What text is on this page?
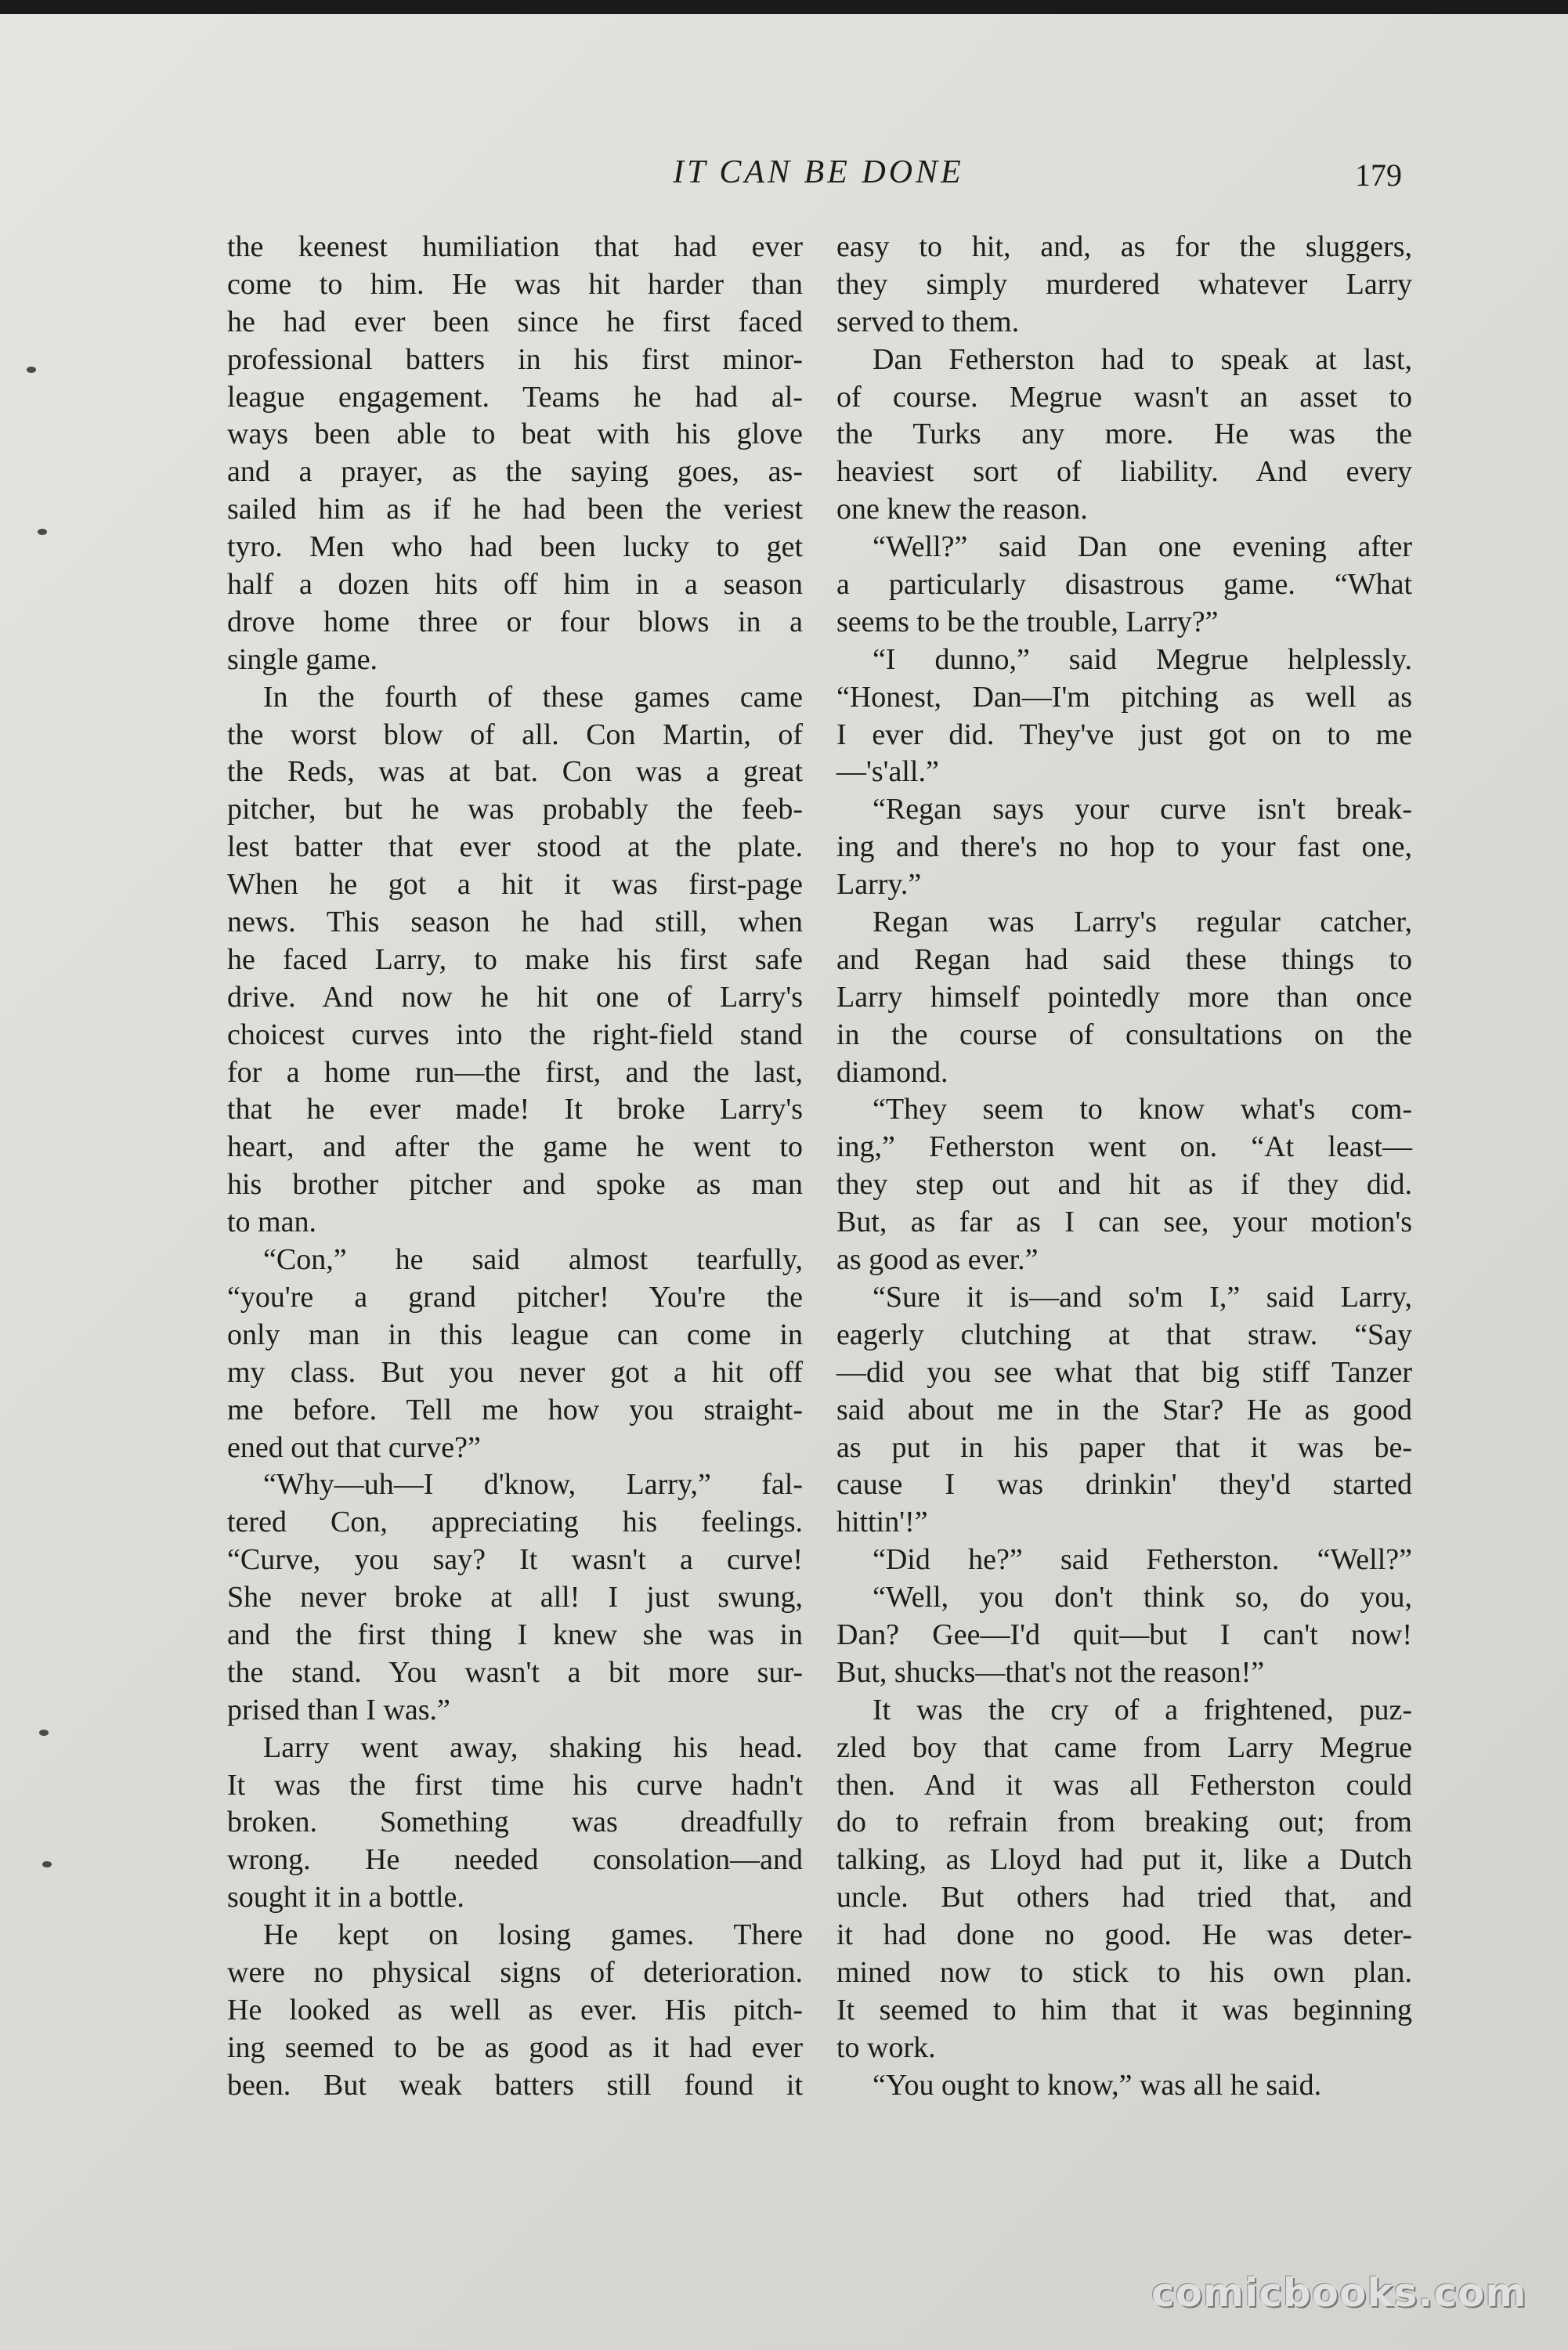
IT CAN BE DONE	179
the keenest humiliation that had ever
come to him. He was hit harder than
he had ever been since he first faced
professional batters in his first minor-
league engagement. Teams he had al-
ways been able to beat with his glove
and a prayer, as the saying goes, as-
sailed him as if he had been the veriest
tyro. Men who had been lucky to get
half a dozen hits off him in a season
drove home three or four blows in a
single game.
In the fourth of these games came
the worst blow of all. Con Martin, of
the Reds, was at bat. Con was a great
pitcher, but he was probably the feeb-
lest batter that ever stood at the plate.
When he got a hit it was first-page
news. This season he had still, when
he faced Larry, to make his first safe
drive. And now he hit one of Larry's
choicest curves into the right-field stand
for a home run—the first, and the last,
that he ever made! It broke Larry's
heart, and after the game he went to
his brother pitcher and spoke as man
to man.
“Con,” he said almost tearfully,
“you're a grand pitcher! You're the
only man in this league can come in
my class. But you never got a hit off
me before. Tell me how you straight-
ened out that curve?”
“Why—uh—I d'know, Larry,” fal-
tered Con, appreciating his feelings.
“Curve, you say? It wasn't a curve!
She never broke at all! I just swung,
and the first thing I knew she was in
the stand. You wasn't a bit more sur-
prised than I was.”
Larry went away, shaking his head.
It was the first time his curve hadn't
broken. Something was dreadfully
wrong. He needed consolation—and
sought it in a bottle.
He kept on losing games. There
were no physical signs of deterioration.
He looked as well as ever. His pitch-
ing seemed to be as good as it had ever
been. But weak batters still found it
easy to hit, and, as for the sluggers,
they simply murdered whatever Larry
served to them.
Dan Fetherston had to speak at last,
of course. Megrue wasn't an asset to
the Turks any more. He was the
heaviest sort of liability. And every
one knew the reason.
“Well?” said Dan one evening after
a particularly disastrous game. “What
seems to be the trouble, Larry?”
“I dunno,” said Megrue helplessly.
“Honest, Dan—I'm pitching as well as
I ever did. They've just got on to me
—'s'all.”
“Regan says your curve isn't break-
ing and there's no hop to your fast one,
Larry.”
Regan was Larry's regular catcher,
and Regan had said these things to
Larry himself pointedly more than once
in the course of consultations on the
diamond.
“They seem to know what's com-
ing,” Fetherston went on. “At least—
they step out and hit as if they did.
But, as far as I can see, your motion's
as good as ever.”
“Sure it is—and so'm I,” said Larry,
eagerly clutching at that straw. “Say
—did you see what that big stiff Tanzer
said about me in the Star? He as good
as put in his paper that it was be-
cause I was drinkin' they'd started
hittin'!”
“Did he?” said Fetherston. “Well?”
“Well, you don't think so, do you,
Dan? Gee—I'd quit—but I can't now!
But, shucks—that's not the reason!”
It was the cry of a frightened, puz-
zled boy that came from Larry Megrue
then. And it was all Fetherston could
do to refrain from breaking out; from
talking, as Lloyd had put it, like a Dutch
uncle. But others had tried that, and
it had done no good. He was deter-
mined now to stick to his own plan.
It seemed to him that it was beginning
to work.
“You ought to know,” was all he said.
comicbooks.com
